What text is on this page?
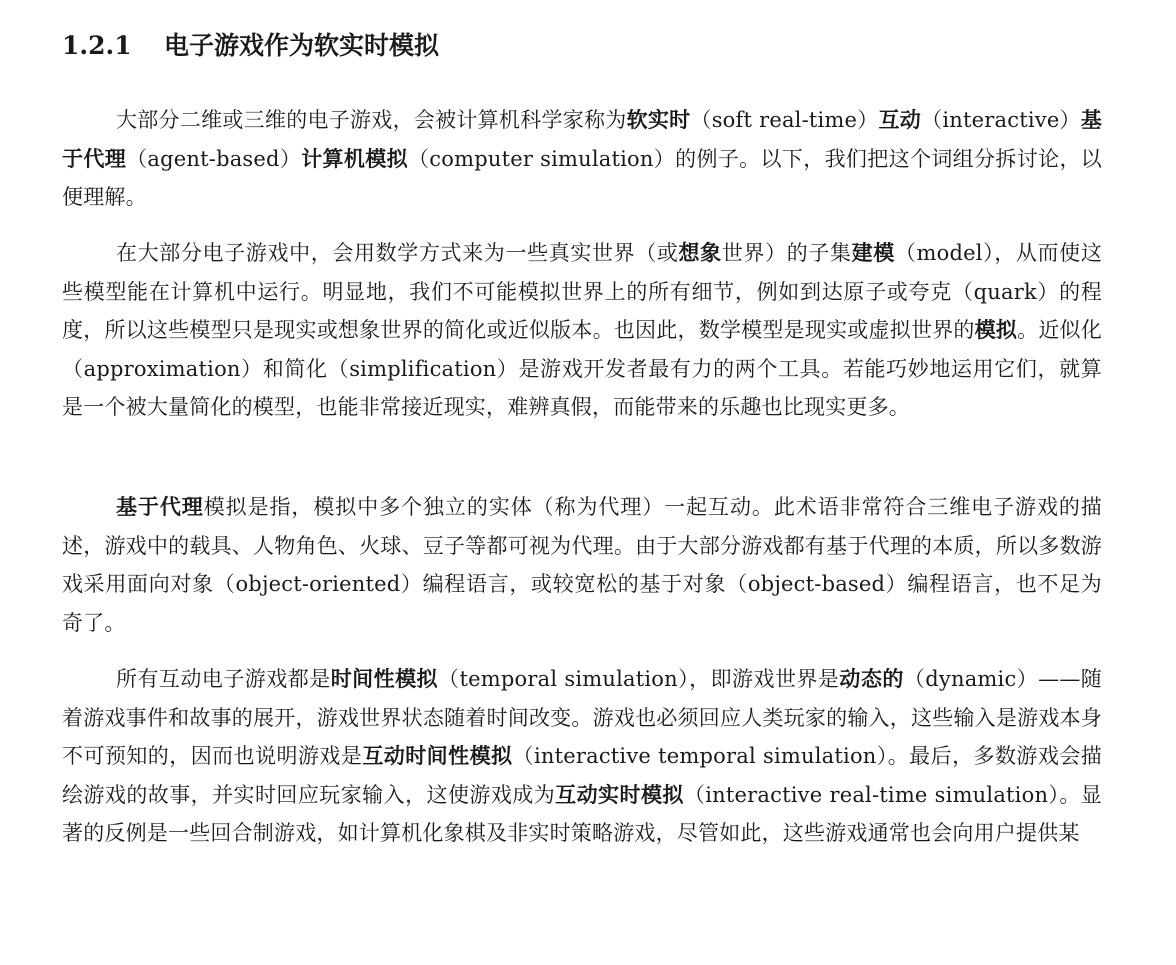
1.2.1 电子游戏作为软实时模拟

大部分二维或三维的电子游戏，会被计算机科学家称为软实时（soft real-time）互动（interactive）基于代理（agent-based）计算机模拟（computer simulation）的例子。以下，我们把这个词组分拆讨论，以便理解。

在大部分电子游戏中，会用数学方式来为一些真实世界（或想象世界）的子集建模（model），从而使这些模型能在计算机中运行。明显地，我们不可能模拟世界上的所有细节，例如到达原子或夸克（quark）的程度，所以这些模型只是现实或想象世界的简化或近似版本。也因此，数学模型是现实或虚拟世界的模拟。近似化（approximation）和简化（simplification）是游戏开发者最有力的两个工具。若能巧妙地运用它们，就算是一个被大量简化的模型，也能非常接近现实，难辨真假，而能带来的乐趣也比现实更多。

基于代理模拟是指，模拟中多个独立的实体（称为代理）一起互动。此术语非常符合三维电子游戏的描述，游戏中的载具、人物角色、火球、豆子等都可视为代理。由于大部分游戏都有基于代理的本质，所以多数游戏采用面向对象（object-oriented）编程语言，或较宽松的基于对象（object-based）编程语言，也不足为奇了。

所有互动电子游戏都是时间性模拟（temporal simulation），即游戏世界是动态的（dynamic）——随着游戏事件和故事的展开，游戏世界状态随着时间改变。游戏也必须回应人类玩家的输入，这些输入是游戏本身不可预知的，因而也说明游戏是互动时间性模拟（interactive temporal simulation）。最后，多数游戏会描绘游戏的故事，并实时回应玩家输入，这使游戏成为互动实时模拟（interactive real-time simulation）。显著的反例是一些回合制游戏，如计算机化象棋及非实时策略游戏，尽管如此，这些游戏通常也会向用户提供某
